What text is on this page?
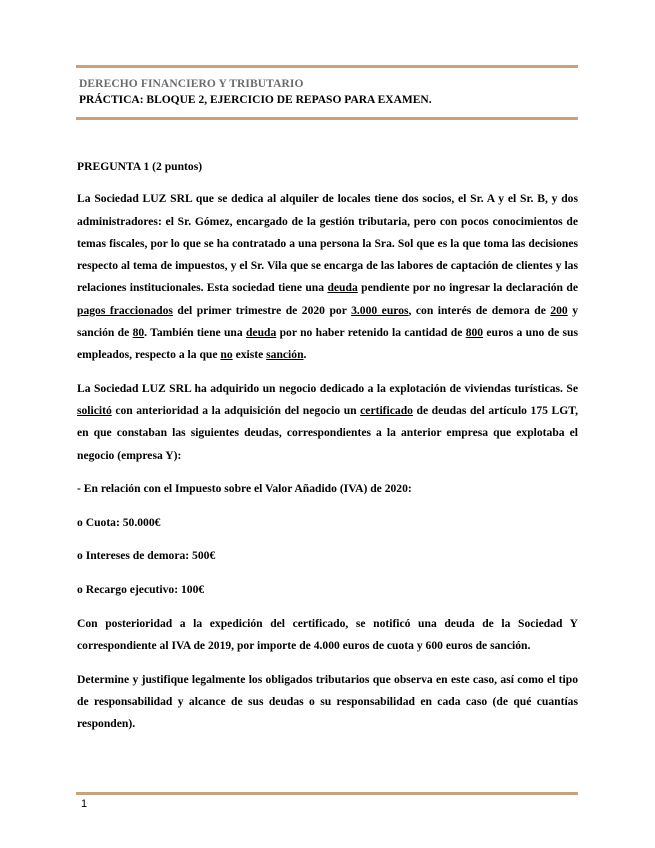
DERECHO FINANCIERO Y TRIBUTARIO
PRÁCTICA: BLOQUE 2, EJERCICIO DE REPASO PARA EXAMEN.

PREGUNTA 1 (2 puntos)

La Sociedad LUZ SRL que se dedica al alquiler de locales tiene dos socios, el Sr. A y el Sr. B, y dos administradores: el Sr. Gómez, encargado de la gestión tributaria, pero con pocos conocimientos de temas fiscales, por lo que se ha contratado a una persona la Sra. Sol que es la que toma las decisiones respecto al tema de impuestos, y el Sr. Vila que se encarga de las labores de captación de clientes y las relaciones institucionales. Esta sociedad tiene una deuda pendiente por no ingresar la declaración de pagos fraccionados del primer trimestre de 2020 por 3.000 euros, con interés de demora de 200 y sanción de 80. También tiene una deuda por no haber retenido la cantidad de 800 euros a uno de sus empleados, respecto a la que no existe sanción.

La Sociedad LUZ SRL ha adquirido un negocio dedicado a la explotación de viviendas turísticas. Se solicitó con anterioridad a la adquisición del negocio un certificado de deudas del artículo 175 LGT, en que constaban las siguientes deudas, correspondientes a la anterior empresa que explotaba el negocio (empresa Y):

- En relación con el Impuesto sobre el Valor Añadido (IVA) de 2020:

o Cuota: 50.000€

o Intereses de demora: 500€

o Recargo ejecutivo: 100€

Con posterioridad a la expedición del certificado, se notificó una deuda de la Sociedad Y correspondiente al IVA de 2019, por importe de 4.000 euros de cuota y 600 euros de sanción.

Determine y justifique legalmente los obligados tributarios que observa en este caso, así como el tipo de responsabilidad y alcance de sus deudas o su responsabilidad en cada caso (de qué cuantías responden).

1
